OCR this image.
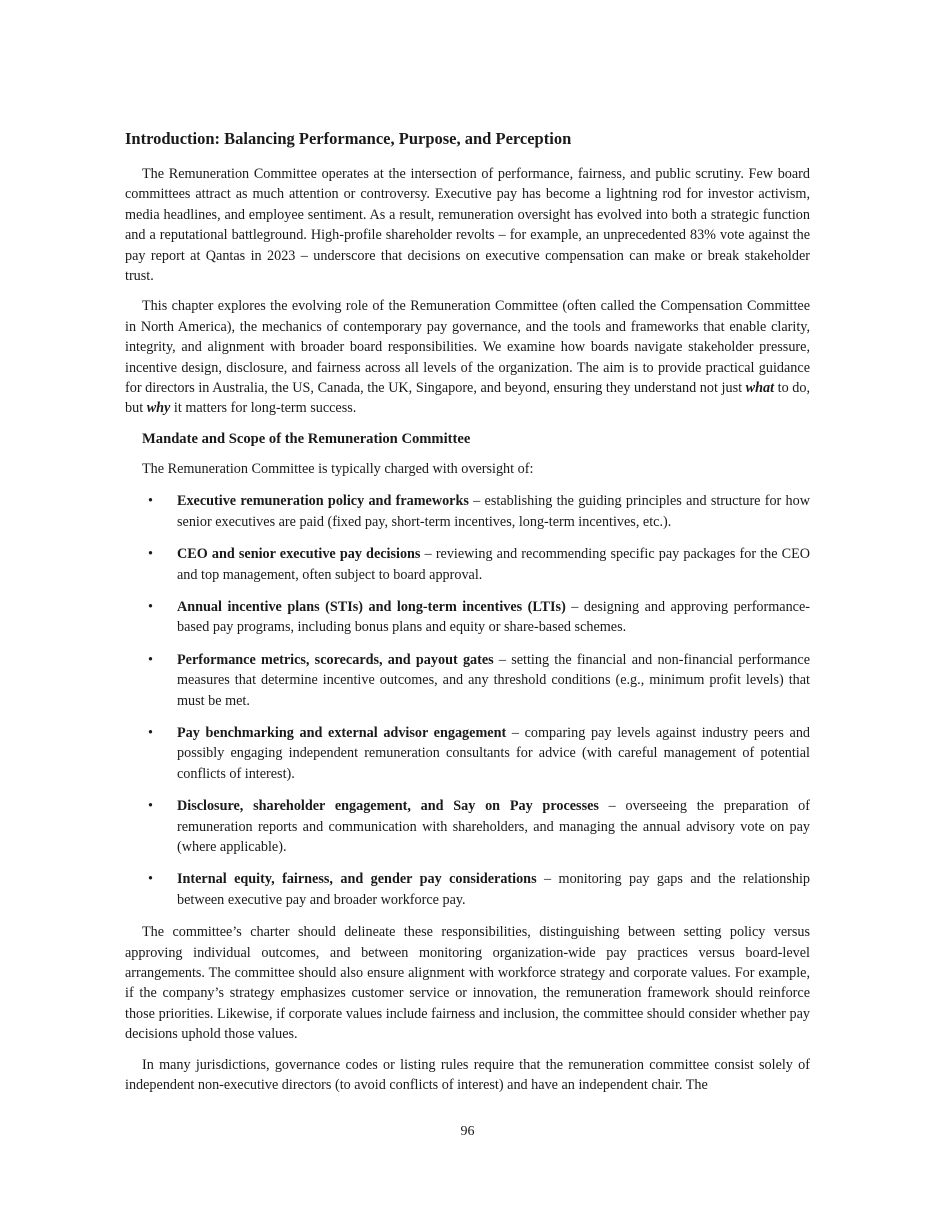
Introduction: Balancing Performance, Purpose, and Perception

The Remuneration Committee operates at the intersection of performance, fairness, and public scrutiny. Few board committees attract as much attention or controversy. Executive pay has become a lightning rod for investor activism, media headlines, and employee sentiment. As a result, remuneration oversight has evolved into both a strategic function and a reputational battleground. High-profile shareholder revolts – for example, an unprecedented 83% vote against the pay report at Qantas in 2023 – underscore that decisions on executive compensation can make or break stakeholder trust.

This chapter explores the evolving role of the Remuneration Committee (often called the Compensation Committee in North America), the mechanics of contemporary pay governance, and the tools and frameworks that enable clarity, integrity, and alignment with broader board responsibilities. We examine how boards navigate stakeholder pressure, incentive design, disclosure, and fairness across all levels of the organization. The aim is to provide practical guidance for directors in Australia, the US, Canada, the UK, Singapore, and beyond, ensuring they understand not just what to do, but why it matters for long-term success.

Mandate and Scope of the Remuneration Committee

The Remuneration Committee is typically charged with oversight of:

• Executive remuneration policy and frameworks – establishing the guiding principles and structure for how senior executives are paid (fixed pay, short-term incentives, long-term incentives, etc.).
• CEO and senior executive pay decisions – reviewing and recommending specific pay packages for the CEO and top management, often subject to board approval.
• Annual incentive plans (STIs) and long-term incentives (LTIs) – designing and approving performance-based pay programs, including bonus plans and equity or share-based schemes.
• Performance metrics, scorecards, and payout gates – setting the financial and non-financial performance measures that determine incentive outcomes, and any threshold conditions (e.g., minimum profit levels) that must be met.
• Pay benchmarking and external advisor engagement – comparing pay levels against industry peers and possibly engaging independent remuneration consultants for advice (with careful management of potential conflicts of interest).
• Disclosure, shareholder engagement, and Say on Pay processes – overseeing the preparation of remuneration reports and communication with shareholders, and managing the annual advisory vote on pay (where applicable).
• Internal equity, fairness, and gender pay considerations – monitoring pay gaps and the relationship between executive pay and broader workforce pay.

The committee’s charter should delineate these responsibilities, distinguishing between setting policy versus approving individual outcomes, and between monitoring organization-wide pay practices versus board-level arrangements. The committee should also ensure alignment with workforce strategy and corporate values. For example, if the company’s strategy emphasizes customer service or innovation, the remuneration framework should reinforce those priorities. Likewise, if corporate values include fairness and inclusion, the committee should consider whether pay decisions uphold those values.

In many jurisdictions, governance codes or listing rules require that the remuneration committee consist solely of independent non-executive directors (to avoid conflicts of interest) and have an independent chair. The

96
